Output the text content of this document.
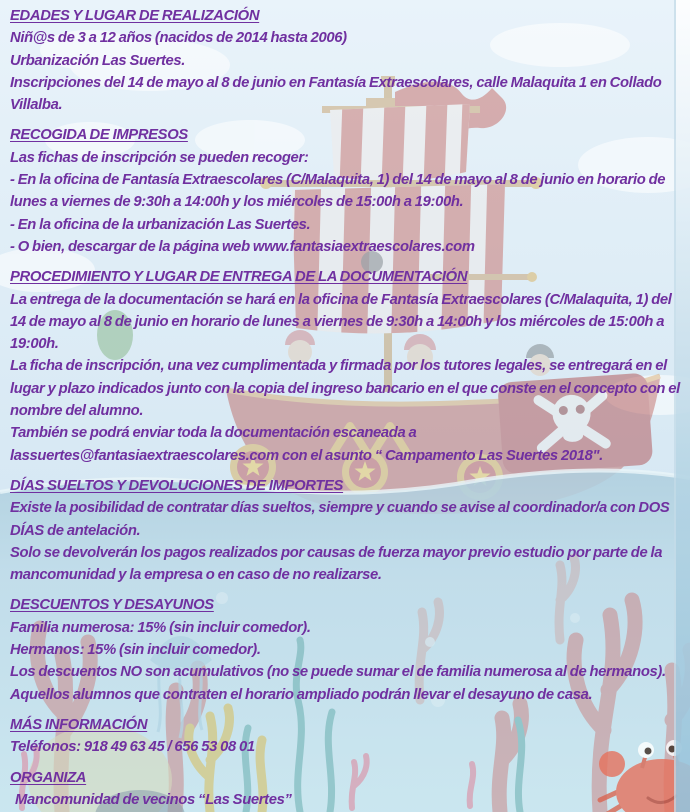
EDADES Y LUGAR DE REALIZACIÓN

Niñ@s de 3 a 12 años (nacidos de 2014 hasta 2006)

Urbanización Las Suertes.

Inscripciones del 14 de mayo al 8 de junio en Fantasía Extraescolares, calle Malaquita 1 en Collado Villalba.

RECOGIDA DE IMPRESOS

Las fichas de inscripción se pueden recoger:

- En la oficina de Fantasía Extraescolares (C/Malaquita, 1) del 14 de mayo al 8 de junio en horario de lunes a viernes de 9:30h a 14:00h y los miércoles de 15:00h a 19:00h.

- En la oficina de la urbanización Las Suertes.

- O bien, descargar de la página web www.fantasiaextraescolares.com

PROCEDIMIENTO Y LUGAR DE ENTREGA DE LA DOCUMENTACIÓN

La entrega de la documentación se hará en la oficina de Fantasía Extraescolares (C/Malaquita, 1) del 14 de mayo al 8 de junio en horario de lunes a viernes de 9:30h a 14:00h y los miércoles de 15:00h a 19:00h.

La ficha de inscripción, una vez cumplimentada y firmada por los tutores legales, se entregará en el lugar y plazo indicados junto con la copia del ingreso bancario en el que conste en el concepto con el nombre del alumno.

También se podrá enviar toda la documentación escaneada a lassuertes@fantasiaextraescolares.com con el asunto “ Campamento Las Suertes 2018".

DÍAS SUELTOS Y DEVOLUCIONES DE IMPORTES

Existe la posibilidad de contratar días sueltos, siempre y cuando se avise al coordinador/a con DOS DÍAS de antelación.

Solo se devolverán los pagos realizados por causas de fuerza mayor previo estudio por parte de la mancomunidad y la empresa o en caso de no realizarse.

DESCUENTOS Y DESAYUNOS

Familia numerosa: 15% (sin incluir comedor).

Hermanos: 15% (sin incluir comedor).

Los descuentos NO son acumulativos (no se puede sumar el de familia numerosa al de hermanos).

Aquellos alumnos que contraten el horario ampliado podrán llevar el desayuno de casa.

MÁS INFORMACIÓN

Teléfonos: 918 49 63 45 / 656 53 08 01

ORGANIZA

Mancomunidad de vecinos “Las Suertes”
